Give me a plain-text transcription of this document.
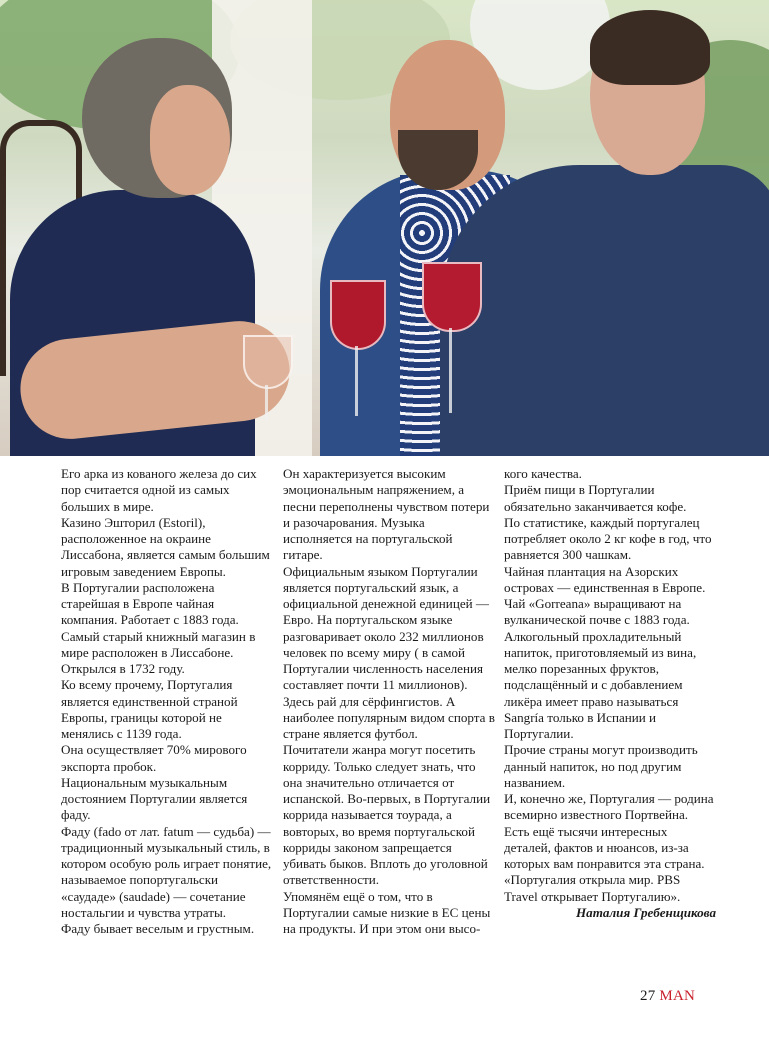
Его арка из кованого железа до сих пор считается одной из самых больших в мире.

Казино Эшторил (Estoril), расположенное на окраине Лиссабона, является самым большим игровым заведением Европы.

В Португалии расположена старейшая в Европе чайная компания. Работает с 1883 года.

Самый старый книжный магазин в мире расположен в Лиссабоне. Открылся в 1732 году.

Ко всему прочему, Португалия является единственной страной Европы, границы которой не менялись с 1139 года.

Она осуществляет 70% мирового экспорта пробок.

Национальным музыкальным достоянием Португалии является фаду.

Фаду (fado от лат. fatum — судьба) — традиционный музыкальный стиль, в котором особую роль играет понятие, называемое попортугальски «саудаде» (saudade) — сочетание ностальгии и чувства утраты.

Фаду бывает веселым и грустным.

Он характеризуется высоким эмоциональным напряжением, а песни переполнены чувством потери и разочарования. Музыка исполняется на португальской гитаре.

Официальным языком Португалии является португальский язык, а официальной денежной единицей — Евро. На португальском языке разговаривает около 232 миллионов человек по всему миру ( в самой Португалии численность населения составляет почти 11 миллионов).

Здесь рай для сёрфингистов. А наиболее популярным видом спорта в стране является футбол.

Почитатели жанра могут посетить корриду. Только следует знать, что она значительно отличается от испанской. Во-первых, в Португалии коррида называется тоурада, а вовторых, во время португальской корриды законом запрещается убивать быков. Вплоть до уголовной ответственности.

Упомянём ещё о том, что в Португалии самые низкие в ЕС цены на продукты. И при этом они высо-

кого качества.

Приём пищи в Португалии обязательно заканчивается кофе.

По статистике, каждый португалец потребляет около 2 кг кофе в год, что равняется 300 чашкам.

Чайная плантация на Азорских островах — единственная в Европе.

Чай «Gorreana» выращивают на вулканической почве с 1883 года.

Алкогольный прохладительный напиток, приготовляемый из вина, мелко порезанных фруктов, подслащённый и с добавлением ликёра имеет право называться Sangría только в Испании и Португалии.

Прочие страны могут производить данный напиток, но под другим названием.

И, конечно же, Португалия — родина всемирно известного Портвейна.

Есть ещё тысячи интересных деталей, фактов и нюансов, из-за которых вам понравится эта страна.

«Португалия открыла мир. PBS Travel открывает Португалию».

Наталия Гребенщикова

27 MAN
